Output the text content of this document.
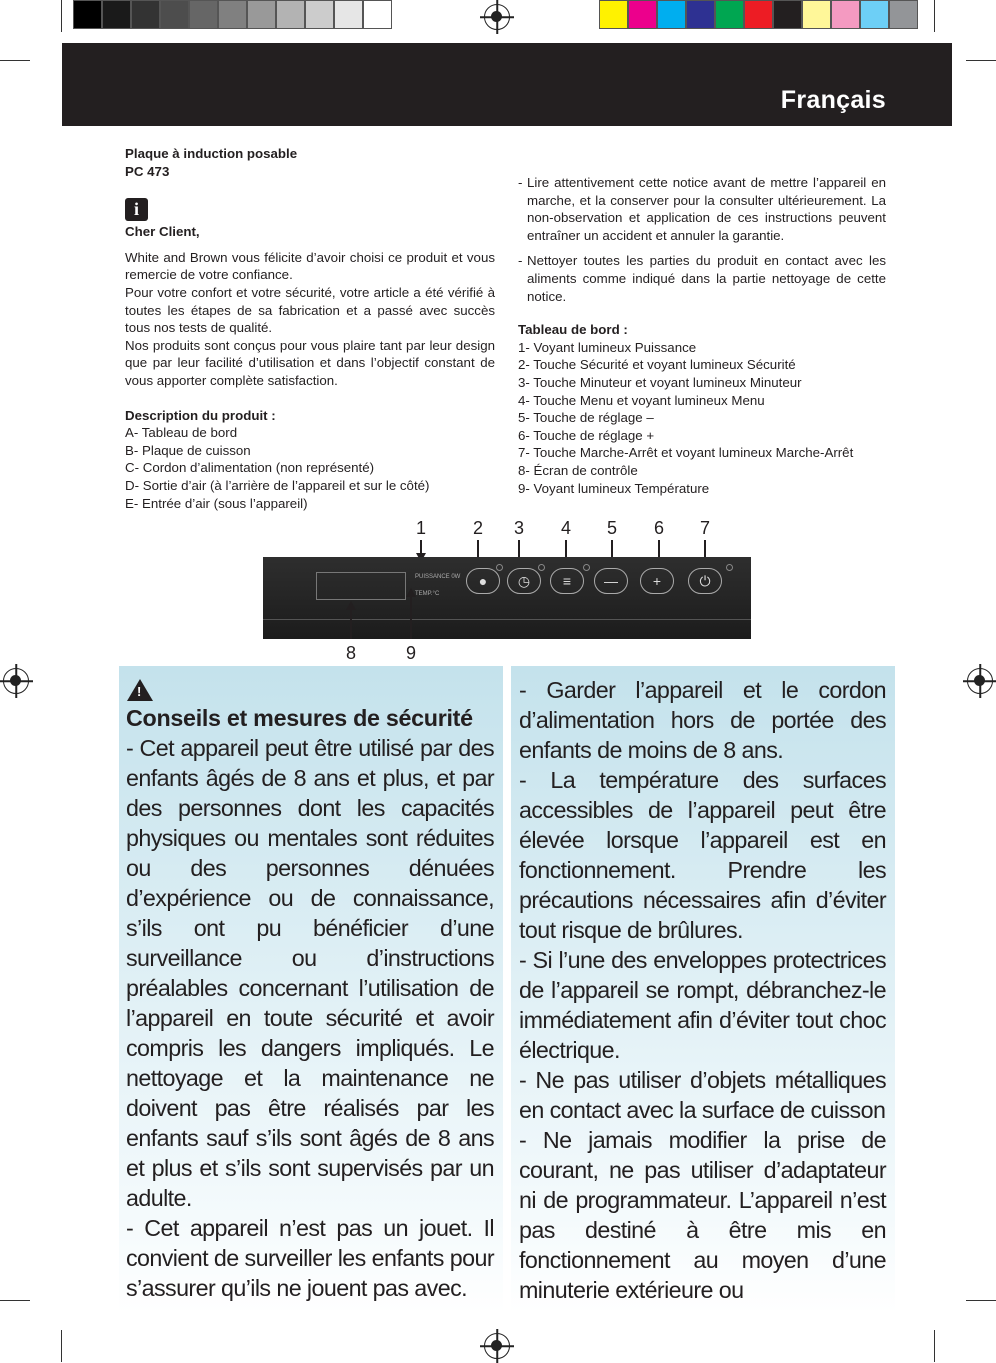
Français
Plaque à induction posable
PC 473
i
Cher Client,

White and Brown vous félicite d’avoir choisi ce produit et vous remercie de votre confiance.

Pour votre confort et votre sécurité, votre article a été vérifié à toutes les étapes de sa fabrication et a passé avec succès tous nos tests de qualité.

Nos produits sont conçus pour vous plaire tant par leur design que par leur facilité d’utilisation et dans l’objectif constant de vous apporter complète satisfaction.

Description du produit :
A- Tableau de bord
B- Plaque de cuisson
C- Cordon d’alimentation (non représenté)
D- Sortie d’air (à l’arrière de l’appareil et sur le côté)
E- Entrée d’air (sous l’appareil)
- Lire attentivement cette notice avant de mettre l’appareil en marche, et la conserver pour la consulter ultérieurement. La non-observation et application de ces instructions peuvent entraîner un accident et annuler la garantie.
- Nettoyer toutes les parties du produit en contact avec les aliments comme indiqué dans la partie nettoyage de cette notice.
Tableau de bord :
1- Voyant lumineux Puissance
2- Touche Sécurité et voyant lumineux Sécurité
3- Touche Minuteur et voyant lumineux Minuteur
4- Touche Menu et voyant lumineux Menu
5- Touche de réglage –
6- Touche de réglage +
7- Touche Marche-Arrêt et voyant lumineux Marche-Arrêt
8- Écran de contrôle
9- Voyant lumineux Température
1	2 3 4 5 6 7
PUISSANCE 0W
TEMP.°C
●	◷	≡	—	+	⏻
8	9
!
Conseils et mesures de sécurité

- Cet appareil peut être utilisé par des enfants âgés de 8 ans et plus, et par des personnes dont les capacités physiques ou mentales sont réduites ou des personnes dénuées d’expérience ou de connaissance, s’ils ont pu bénéficier d’une surveillance ou d’instructions préalables concernant l’utilisation de l’appareil en toute sécurité et avoir compris les dangers impliqués. Le nettoyage et la maintenance ne doivent pas être réalisés par les enfants sauf s’ils sont âgés de 8 ans et plus et s’ils sont supervisés par un adulte.

- Cet appareil n’est pas un jouet. Il convient de surveiller les enfants pour s’assurer qu’ils ne jouent pas avec.

- Garder l’appareil et le cordon d’alimentation hors de portée des enfants de moins de 8 ans.

- La température des surfaces accessibles de l’appareil peut être élevée lorsque l’appareil est en fonctionnement. Prendre les précautions nécessaires afin d’éviter tout risque de brûlures.

- Si l’une des enveloppes protectrices de l’appareil se rompt, débranchez-le immédiatement afin d’éviter tout choc électrique.

- Ne pas utiliser d’objets métalliques en contact avec la surface de cuisson

- Ne jamais modifier la prise de courant, ne pas utiliser d’adaptateur ni de programmateur. L’appareil n’est pas destiné à être mis en fonctionnement au moyen d’une minuterie extérieure ou
